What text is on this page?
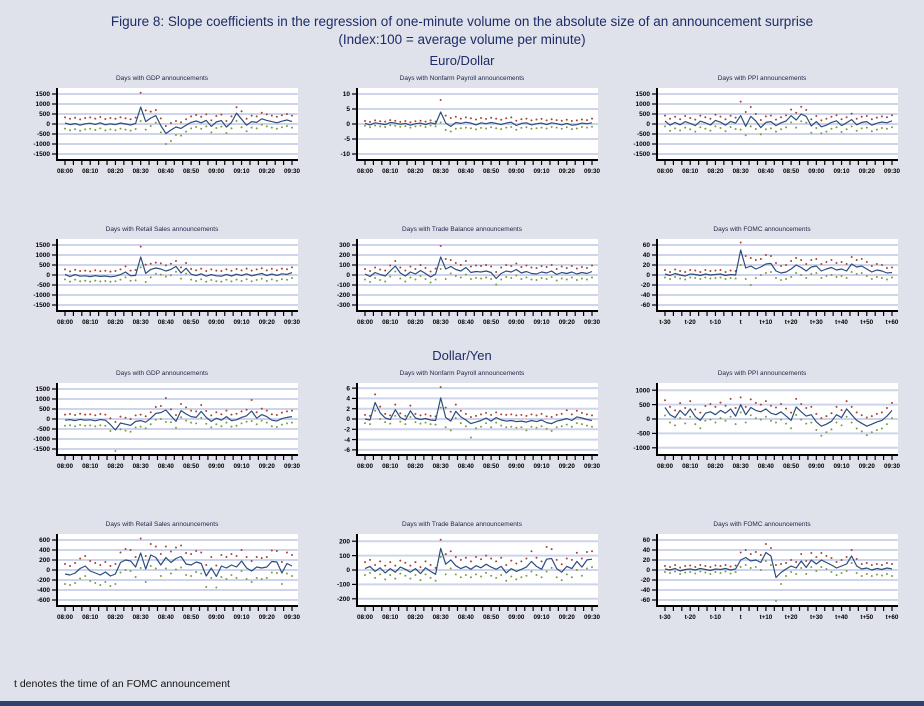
Figure 8: Slope coefficients in the regression of one-minute volume on the absolute size of an announcement surprise
(Index:100 = average volume per minute)
Euro/Dollar
Days with GDP announcements
1500
1000
500
0
-500
-1000
-1500
08:00 08:10 08:20 08:30 08:40 08:50 09:00 09:10 09:20 09:30
Days with Nonfarm Payroll announcements
10
5
0
-5
-10
08:00 08:10 08:20 08:30 08:40 08:50 09:00 09:10 09:20 09:30
Days with PPI announcements
1500
1000
500
0
-500
-1000
-1500
08:00 08:10 08:20 08:30 08:40 08:50 09:00 09:10 09:20 09:30
Days with Retail Sales announcements
1500
1000
500
0
-500
-1000
-1500
08:00 08:10 08:20 08:30 08:40 08:50 09:00 09:10 09:20 09:30
Days with Trade Balance announcements
300
200
100
0
-100
-200
-300
08:00 08:10 08:20 08:30 08:40 08:50 09:00 09:10 09:20 09:30
Days with FOMC announcements
60
40
20
0
-20
-40
-60
t-30 t-20 t-10	t	t+10 t+20 t+30 t+40 t+50 t+60
Dollar/Yen
Days with GDP announcements
1500
1000
500
0
-500
-1000
-1500
08:00 08:10 08:20 08:30 08:40 08:50 09:00 09:10 09:20 09:30
Days with Nonfarm Payroll announcements
6
4
2
0
-2
-4
-6
08:00 08:10 08:20 08:30 08:40 08:50 09:00 09:10 09:20 09:30
Days with PPI announcements
1000
500
0
-500
-1000
08:00 08:10 08:20 08:30 08:40 08:50 09:00 09:10 09:20 09:30
Days with Retail Sales announcements
600
400
200
0
-200
-400
-600
08:00 08:10 08:20 08:30 08:40 08:50 09:00 09:10 09:20 09:30
Days with Trade Balance announcements
200
100
0
-100
-200
08:00 08:10 08:20 08:30 08:40 08:50 09:00 09:10 09:20 09:30
Days with FOMC announcements
60
40
20
0
-20
-40
-60
t-30 t-20 t-10	t	t+10 t+20 t+30 t+40 t+50 t+60
t denotes the time of an FOMC announcement
